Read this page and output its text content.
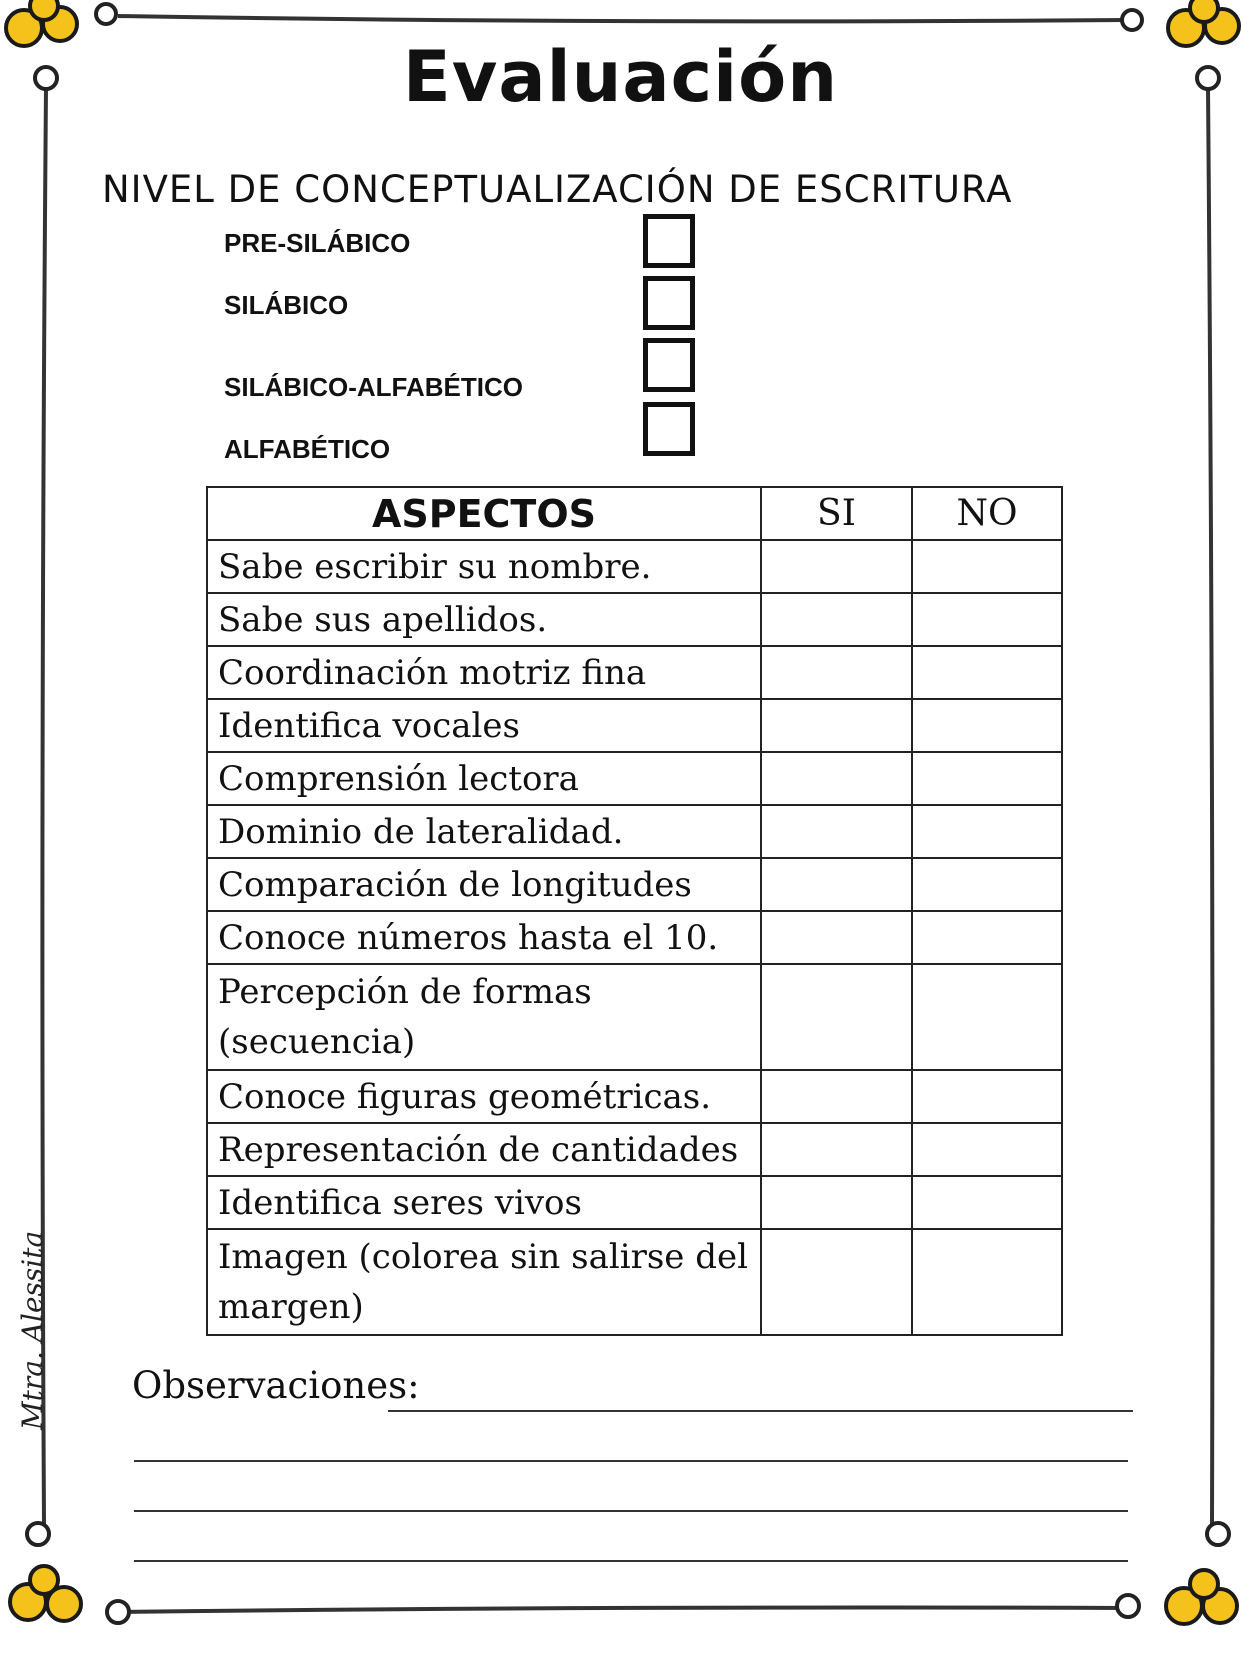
Evaluación
NIVEL DE CONCEPTUALIZACIÓN DE ESCRITURA
PRE-SILÁBICO
SILÁBICO
SILÁBICO-ALFABÉTICO
ALFABÉTICO
ASPECTOS	SI	NO
Sabe escribir su nombre.		
Sabe sus apellidos.		
Coordinación motriz fina		
Identifica vocales		
Comprensión lectora		
Dominio de lateralidad.		
Comparación de longitudes		
Conoce números hasta el 10.		
Percepción de formas (secuencia)		
Conoce figuras geométricas.		
Representación de cantidades		
Identifica seres vivos		
Imagen (colorea sin salirse del margen)		
Observaciones:
Mtra. Alessita
